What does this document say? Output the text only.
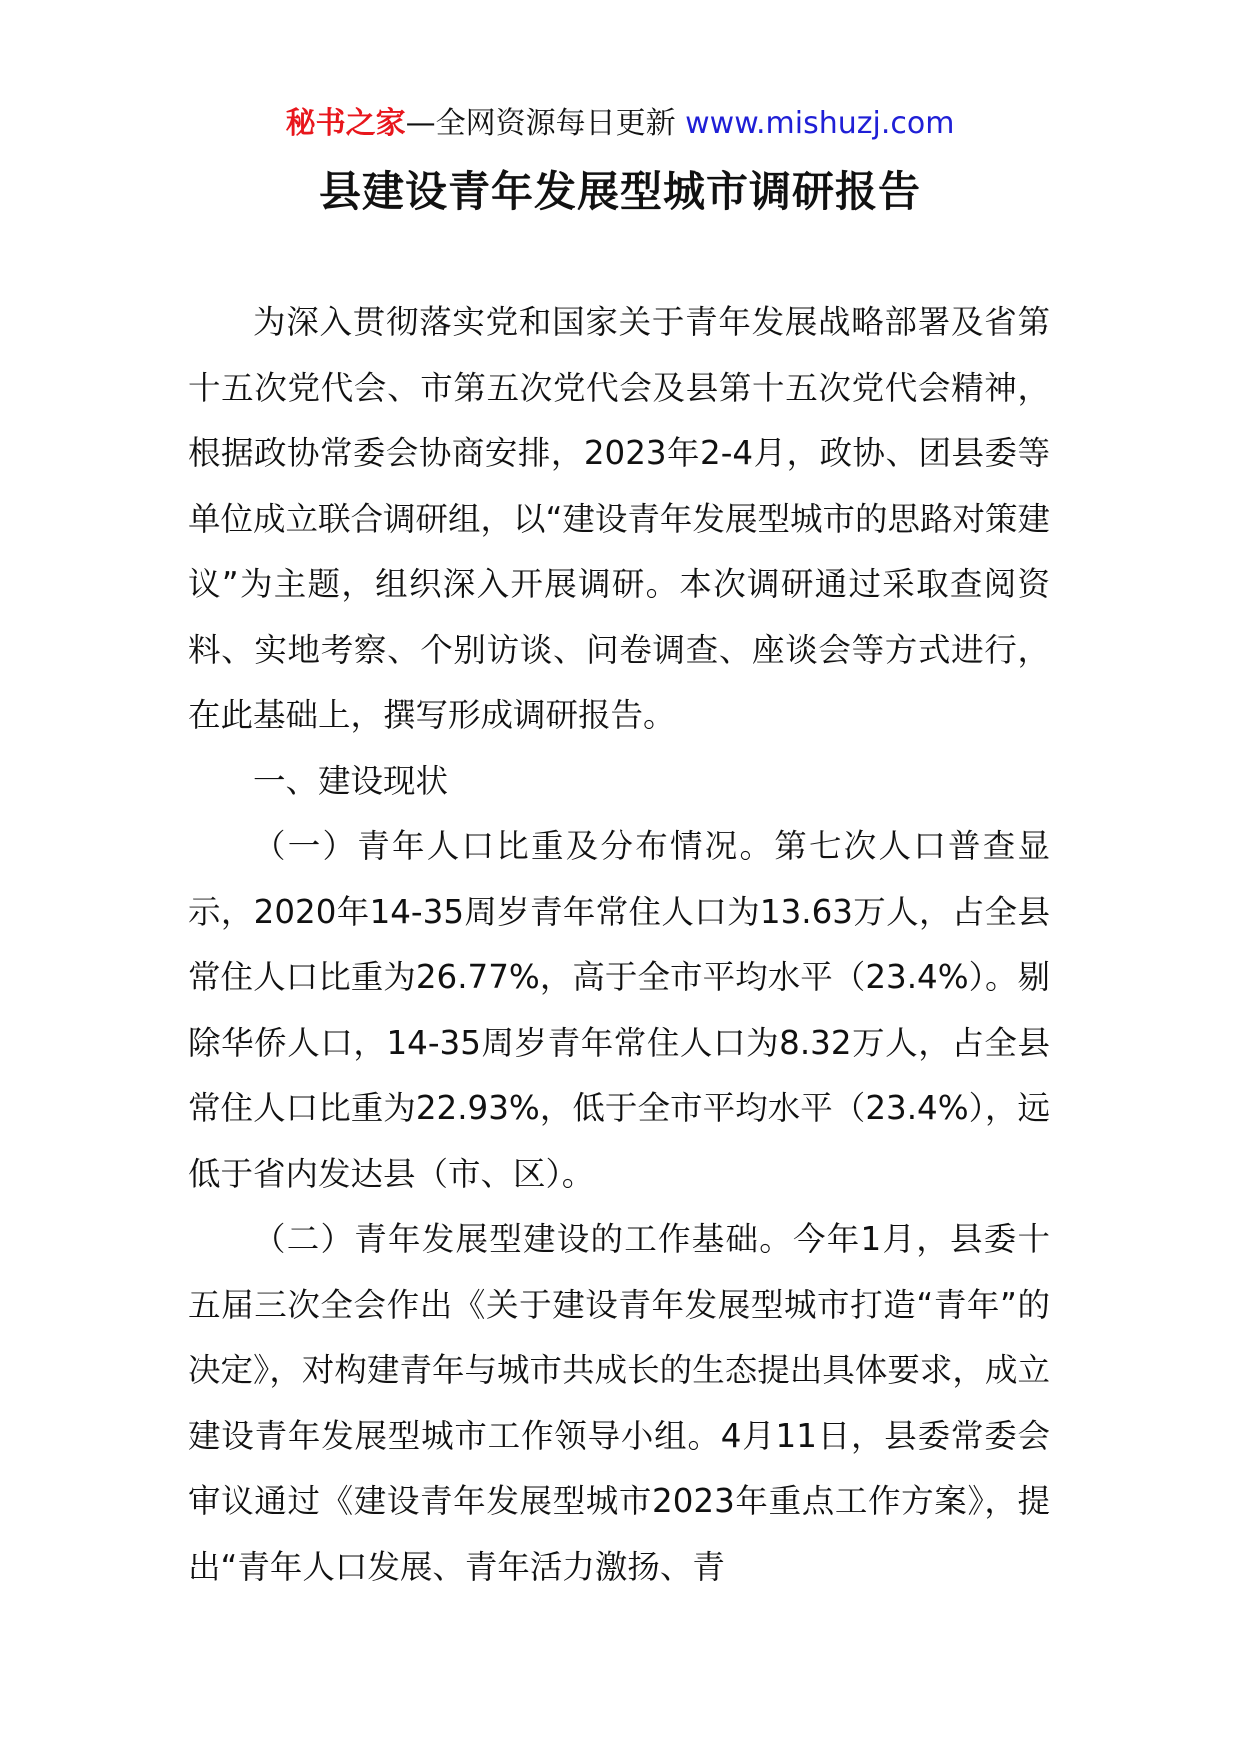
秘书之家—全网资源每日更新 www.mishuzj.com
县建设青年发展型城市调研报告

为深入贯彻落实党和国家关于青年发展战略部署及省第十五次党代会、市第五次党代会及县第十五次党代会精神，根据政协常委会协商安排，2023年2-4月，政协、团县委等单位成立联合调研组，以“建设青年发展型城市的思路对策建议”为主题，组织深入开展调研。本次调研通过采取查阅资料、实地考察、个别访谈、问卷调查、座谈会等方式进行，在此基础上，撰写形成调研报告。

一、建设现状

（一）青年人口比重及分布情况。第七次人口普查显示，2020年14-35周岁青年常住人口为13.63万人，占全县常住人口比重为26.77%，高于全市平均水平（23.4%）。剔除华侨人口，14-35周岁青年常住人口为8.32万人，占全县常住人口比重为22.93%，低于全市平均水平（23.4%），远低于省内发达县（市、区）。

（二）青年发展型建设的工作基础。今年1月，县委十五届三次全会作出《关于建设青年发展型城市打造“青年”的决定》，对构建青年与城市共成长的生态提出具体要求，成立建设青年发展型城市工作领导小组。4月11日，县委常委会审议通过《建设青年发展型城市2023年重点工作方案》，提出“青年人口发展、青年活力激扬、青
